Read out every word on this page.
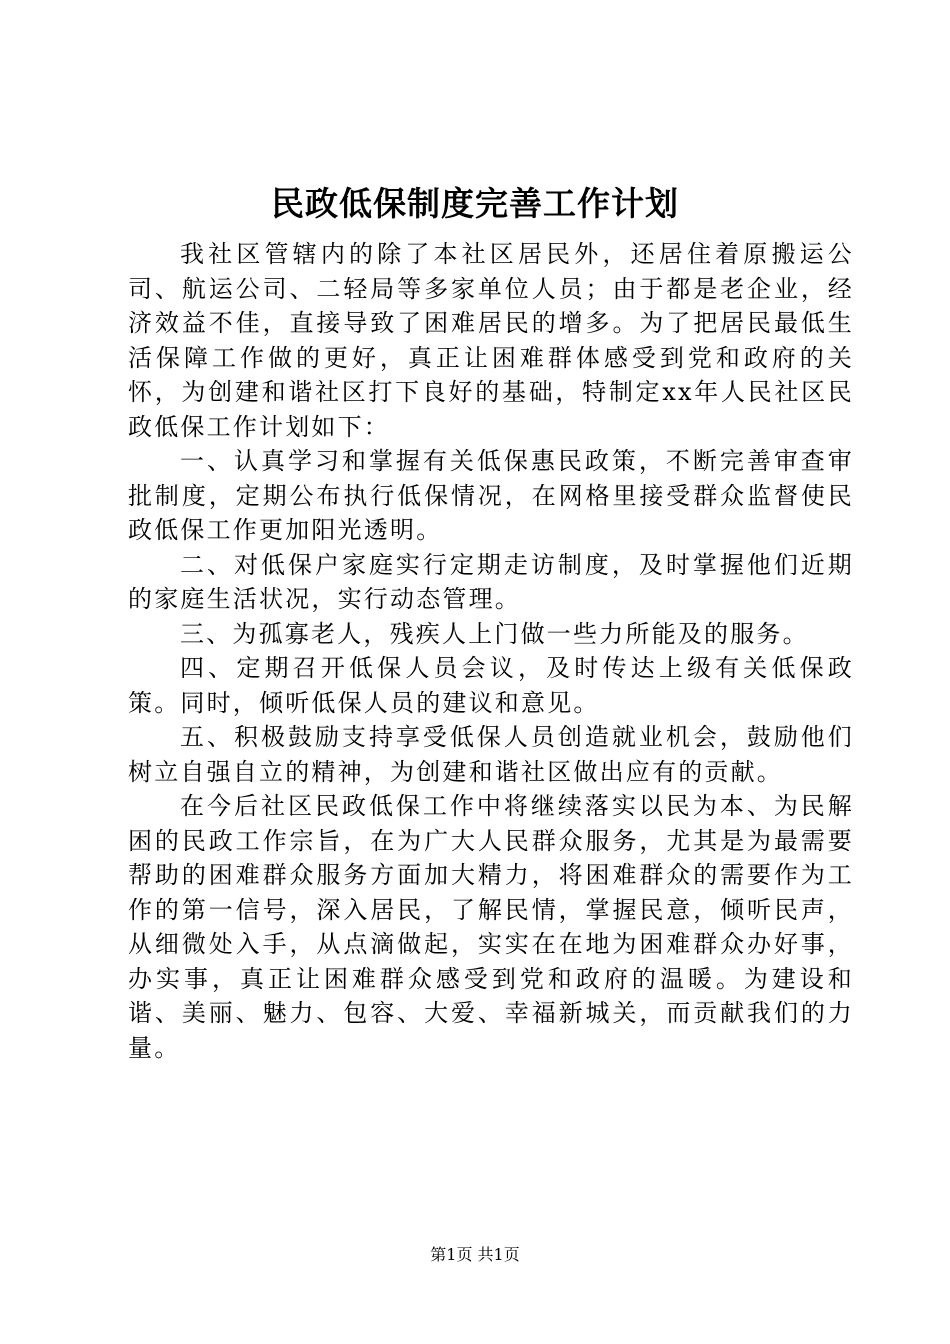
民政低保制度完善工作计划

我社区管辖内的除了本社区居民外，还居住着原搬运公司、航运公司、二轻局等多家单位人员；由于都是老企业，经济效益不佳，直接导致了困难居民的增多。为了把居民最低生活保障工作做的更好，真正让困难群体感受到党和政府的关怀，为创建和谐社区打下良好的基础，特制定xx年人民社区民政低保工作计划如下：

一、认真学习和掌握有关低保惠民政策，不断完善审查审批制度，定期公布执行低保情况，在网格里接受群众监督使民政低保工作更加阳光透明。

二、对低保户家庭实行定期走访制度，及时掌握他们近期的家庭生活状况，实行动态管理。

三、为孤寡老人，残疾人上门做一些力所能及的服务。

四、定期召开低保人员会议，及时传达上级有关低保政策。同时，倾听低保人员的建议和意见。

五、积极鼓励支持享受低保人员创造就业机会，鼓励他们树立自强自立的精神，为创建和谐社区做出应有的贡献。

在今后社区民政低保工作中将继续落实以民为本、为民解困的民政工作宗旨，在为广大人民群众服务，尤其是为最需要帮助的困难群众服务方面加大精力，将困难群众的需要作为工作的第一信号，深入居民，了解民情，掌握民意，倾听民声，从细微处入手，从点滴做起，实实在在地为困难群众办好事，办实事，真正让困难群众感受到党和政府的温暖。为建设和谐、美丽、魅力、包容、大爱、幸福新城关，而贡献我们的力量。

第1页 共1页
